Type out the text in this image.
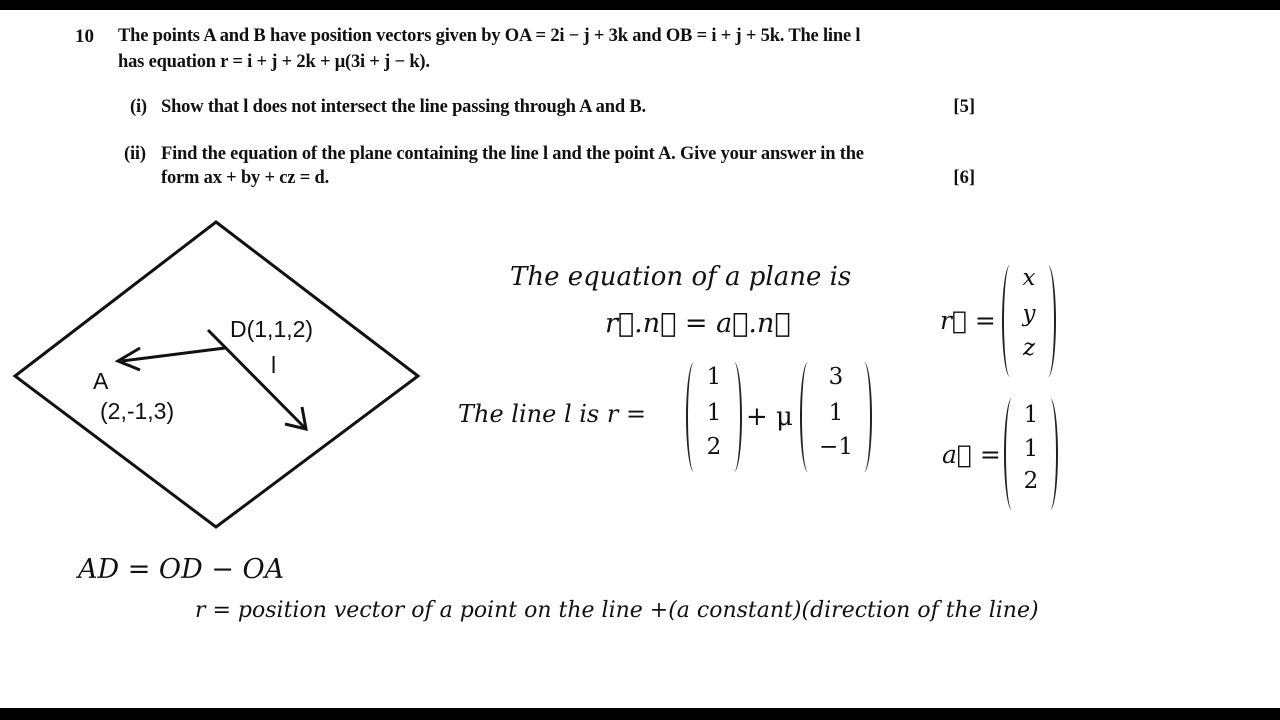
10 The points A and B have position vectors given by OA = 2i − j + 3k and OB = i + j + 5k. The line l
has equation r = i + j + 2k + μ(3i + j − k).
(i) Show that l does not intersect the line passing through A and B.	[5]
(ii) Find the equation of the plane containing the line l and the point A. Give your answer in the
form ax + by + cz = d.	[6]
D(1,1,2)
l
A
(2,-1,3)
The equation of a plane is
r⃗.n⃗ = a⃗.n⃗
The line l is r =
1
1
2
+ μ
3
1
−1
r⃗ =
x
y
z
a⃗ =
1
1
2
AD = OD − OA
r = position vector of a point on the line +(a constant)(direction of the line)
